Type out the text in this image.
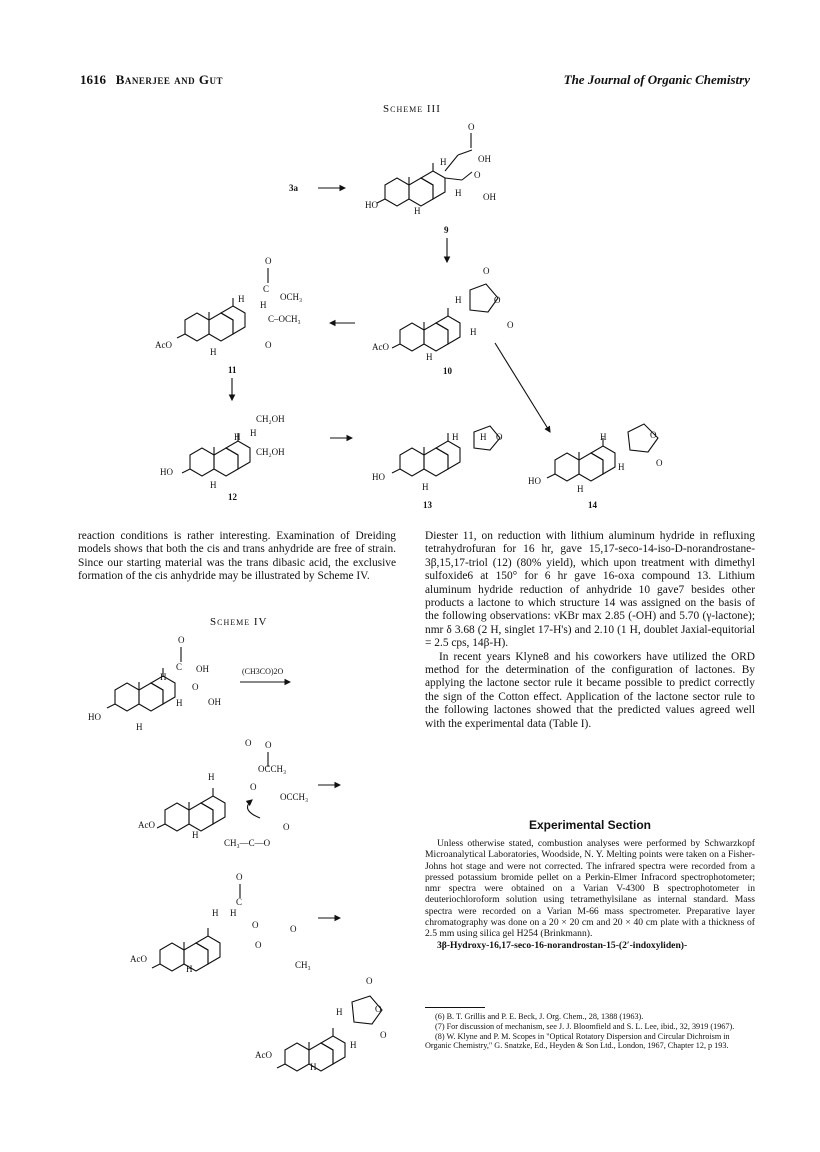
1616 Banerjee and Gut	The Journal of Organic Chemistry
Scheme III
Scheme IV
3a
HO
H
O
OH
O
OH
H
H
9
AcO
H
O
C
OCH₃
C–OCH₃
O
H
H
11
AcO
H
O
O
O
H
H
10
HO
H
CH₂OH
CH₂OH
H H
12
HO
H
O
H H
13
HO
H
O
O
H
H
14
HO
H
O
C OH
O
OH
H
H
(CH3CO)2O
AcO
H
O O
OCCH₃
O
OCCH₃
O
CH₃—C—O
H
AcO
H
O
C
O
O
O
CH₃
H H
AcO
H
O
O
O
H
H
reaction conditions is rather interesting. Examination of Dreiding models shows that both the cis and trans anhydride are free of strain. Since our starting material was the trans dibasic acid, the exclusive formation of the cis anhydride may be illustrated by Scheme IV.

Diester 11, on reduction with lithium aluminum hydride in refluxing tetrahydrofuran for 16 hr, gave 15,17-seco-14-iso-D-norandrostane-3β,15,17-triol (12) (80% yield), which upon treatment with dimethyl sulfoxide6 at 150° for 6 hr gave 16-oxa compound 13. Lithium aluminum hydride reduction of anhydride 10 gave7 besides other products a lactone to which structure 14 was assigned on the basis of the following observations: νKBr max 2.85 (-OH) and 5.70 (γ-lactone); nmr δ 3.68 (2 H, singlet 17-H's) and 2.10 (1 H, doublet Jaxial-equitorial = 2.5 cps, 14β-H).

In recent years Klyne8 and his coworkers have utilized the ORD method for the determination of the configuration of lactones. By applying the lactone sector rule it became possible to predict correctly the sign of the Cotton effect. Application of the lactone sector rule to the following lactones showed that the predicted values agreed well with the experimental data (Table I).

Experimental Section

Unless otherwise stated, combustion analyses were performed by Schwarzkopf Microanalytical Laboratories, Woodside, N. Y. Melting points were taken on a Fisher-Johns hot stage and were not corrected. The infrared spectra were recorded from a pressed potassium bromide pellet on a Perkin-Elmer Infracord spectrophotometer; nmr spectra were obtained on a Varian V-4300 B spectrophotometer in deuteriochloroform solution using tetramethylsilane as internal standard. Mass spectra were recorded on a Varian M-66 mass spectrometer. Preparative layer chromatography was done on a 20 × 20 cm and 20 × 40 cm plate with a thickness of 2.5 mm using silica gel H254 (Brinkmann).

3β-Hydroxy-16,17-seco-16-norandrostan-15-(2′-indoxyliden)-

(6) B. T. Grillis and P. E. Beck, J. Org. Chem., 28, 1388 (1963).

(7) For discussion of mechanism, see J. J. Bloomfield and S. L. Lee, ibid., 32, 3919 (1967).

(8) W. Klyne and P. M. Scopes in "Optical Rotatory Dispersion and Circular Dichroism in Organic Chemistry," G. Snatzke, Ed., Heyden & Son Ltd., London, 1967, Chapter 12, p 193.
